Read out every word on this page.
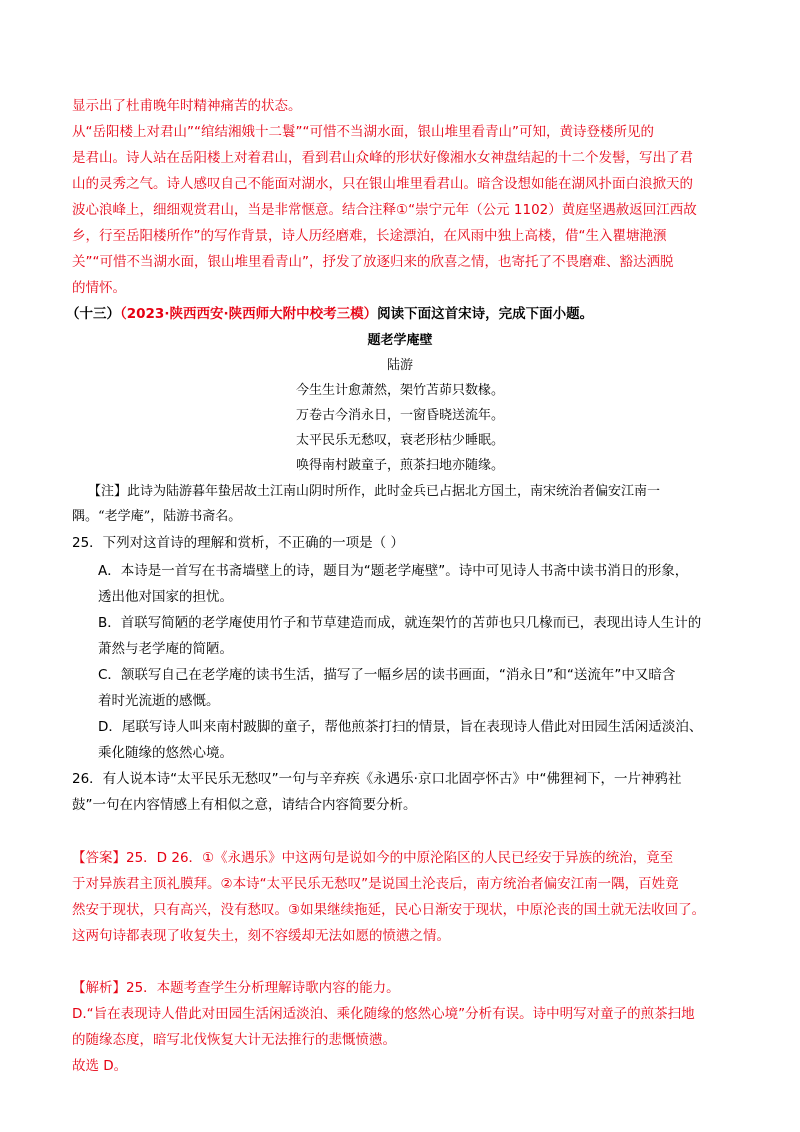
显示出了杜甫晚年时精神痛苦的状态。
从“岳阳楼上对君山”“绾结湘娥十二鬟”“可惜不当湖水面，银山堆里看青山”可知，黄诗登楼所见的
是君山。诗人站在岳阳楼上对着君山，看到君山众峰的形状好像湘水女神盘结起的十二个发髻，写出了君
山的灵秀之气。诗人感叹自己不能面对湖水，只在银山堆里看君山。暗含设想如能在湖风扑面白浪掀天的
波心浪峰上，细细观赏君山，当是非常惬意。结合注释①“崇宁元年（公元 1102）黄庭坚遇赦返回江西故
乡，行至岳阳楼所作”的写作背景，诗人历经磨难，长途漂泊，在风雨中独上高楼，借“生入瞿塘滟滪
关”“可惜不当湖水面，银山堆里看青山”，抒发了放逐归来的欣喜之情，也寄托了不畏磨难、豁达洒脱
的情怀。
（十三）（2023·陕西西安·陕西师大附中校考三模）阅读下面这首宋诗，完成下面小题。
题老学庵壁
陆游
今生生计愈萧然，架竹苫茆只数椽。
万卷古今消永日，一窗昏晓送流年。
太平民乐无愁叹，衰老形枯少睡眠。
唤得南村跛童子，煎茶扫地亦随缘。
【注】此诗为陆游暮年蛰居故土江南山阴时所作，此时金兵已占据北方国土，南宋统治者偏安江南一
隅。“老学庵”，陆游书斋名。
25．下列对这首诗的理解和赏析，不正确的一项是（ ）
A．本诗是一首写在书斋墙壁上的诗，题目为“题老学庵壁”。诗中可见诗人书斋中读书消日的形象，
透出他对国家的担忧。
B．首联写简陋的老学庵使用竹子和节草建造而成，就连架竹的苫茆也只几椽而已，表现出诗人生计的
萧然与老学庵的简陋。
C．颔联写自己在老学庵的读书生活，描写了一幅乡居的读书画面，“消永日”和“送流年”中又暗含
着时光流逝的感慨。
D．尾联写诗人叫来南村跛脚的童子，帮他煎茶打扫的情景，旨在表现诗人借此对田园生活闲适淡泊、
乘化随缘的悠然心境。
26．有人说本诗“太平民乐无愁叹”一句与辛弃疾《永遇乐·京口北固亭怀古》中“佛狸祠下，一片神鸦社
鼓”一句在内容情感上有相似之意，请结合内容简要分析。
【答案】25．D 26．①《永遇乐》中这两句是说如今的中原沦陷区的人民已经安于异族的统治，竟至
于对异族君主顶礼膜拜。②本诗“太平民乐无愁叹”是说国土沦丧后，南方统治者偏安江南一隅，百姓竟
然安于现状，只有高兴，没有愁叹。③如果继续拖延，民心日渐安于现状，中原沦丧的国土就无法收回了。
这两句诗都表现了收复失土，刻不容缓却无法如愿的愤懑之情。
【解析】25．本题考查学生分析理解诗歌内容的能力。
D.“旨在表现诗人借此对田园生活闲适淡泊、乘化随缘的悠然心境”分析有误。诗中明写对童子的煎茶扫地
的随缘态度，暗写北伐恢复大计无法推行的悲慨愤懑。
故选 D。
